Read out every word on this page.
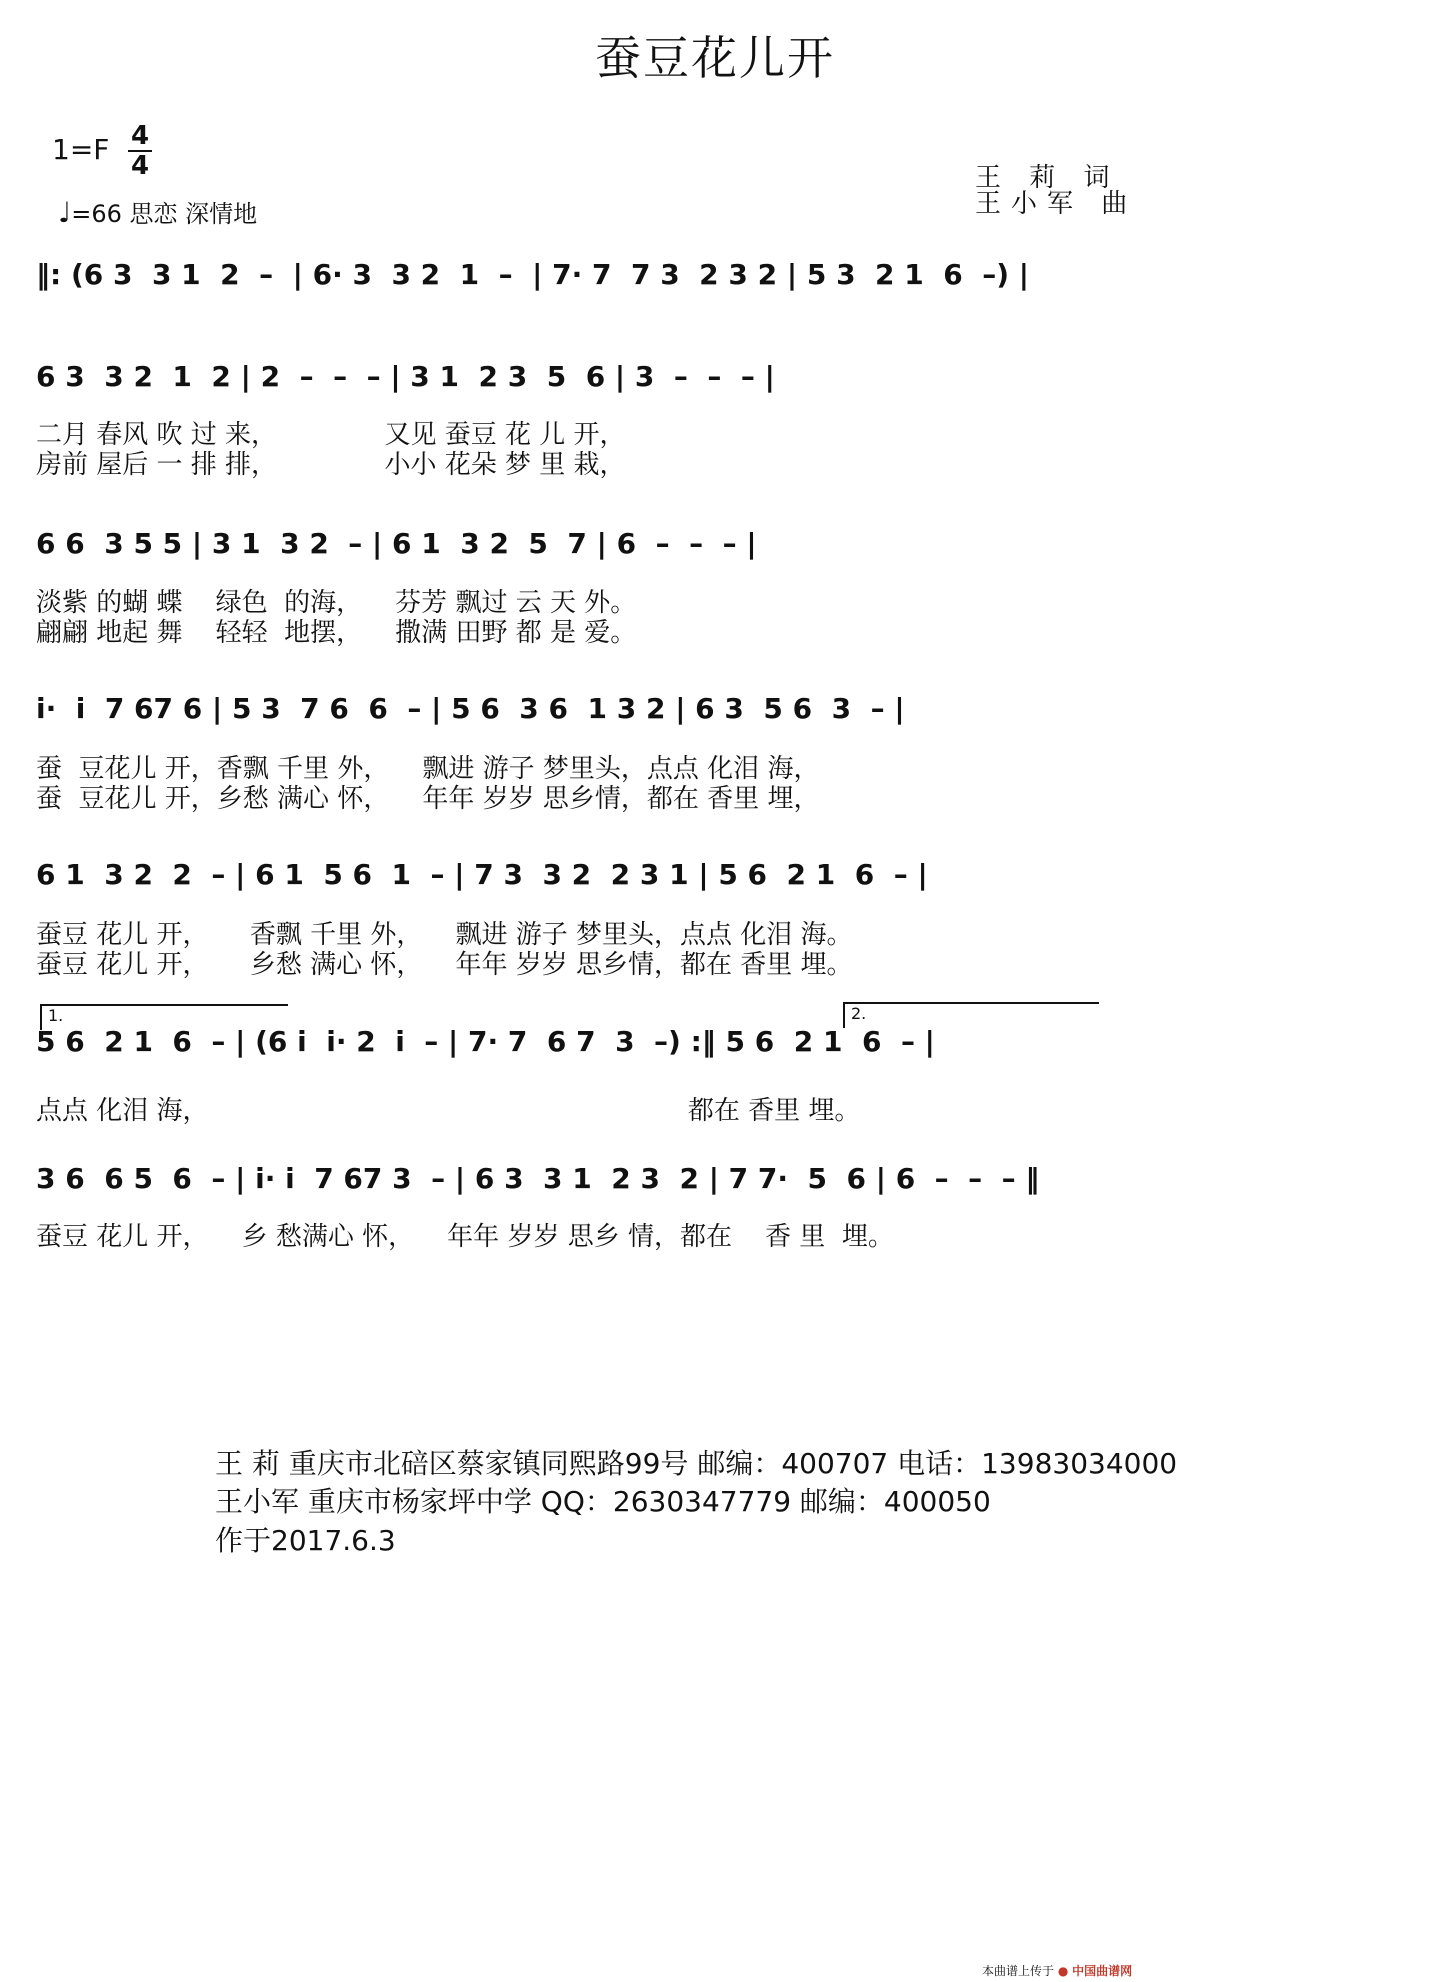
蚕豆花儿开
1=F 4
4
♩=66 思恋 深情地
王 莉 词
王小军 曲
‖: (6 3  3 1  2  –  | 6· 3  3 2  1  –  | 7· 7  7 3  2 3 2 | 5 3  2 1  6  –) |
6 3  3 2  1  2 | 2  –  –  – | 3 1  2 3  5  6 | 3  –  –  – |
二月 春风 吹 过 来，             又见 蚕豆 花 儿 开，
房前 屋后 一 排 排，             小小 花朵 梦 里 栽，
6 6  3 5 5 | 3 1  3 2  – | 6 1  3 2  5  7 | 6  –  –  – |
淡紫 的蝴 蝶    绿色  的海，    芬芳 飘过 云 天 外。
翩翩 地起 舞    轻轻  地摆，    撒满 田野 都 是 爱。
i·  i  7 67 6 | 5 3  7 6  6  – | 5 6  3 6  1 3 2 | 6 3  5 6  3  – |
蚕  豆花儿 开，香飘 千里 外，    飘进 游子 梦里头，点点 化泪 海，
蚕  豆花儿 开，乡愁 满心 怀，    年年 岁岁 思乡情，都在 香里 埋，
6 1  3 2  2  – | 6 1  5 6  1  – | 7 3  3 2  2 3 1 | 5 6  2 1  6  – |
蚕豆 花儿 开，     香飘 千里 外，    飘进 游子 梦里头，点点 化泪 海。
蚕豆 花儿 开，     乡愁 满心 怀，    年年 岁岁 思乡情，都在 香里 埋。
5 6  2 1  6  – | (6 i  i· 2  i  – | 7· 7  6 7  3  –) :‖ 5 6  2 1  6  – |
点点 化泪 海，                                                          都在 香里 埋。
3 6  6 5  6  – | i· i  7 67 3  – | 6 3  3 1  2 3  2 | 7 7·  5  6 | 6  –  –  – ‖
蚕豆 花儿 开，    乡 愁满心 怀，    年年 岁岁 思乡 情，都在    香 里  埋。
1.	2.
王 莉 重庆市北碚区蔡家镇同熙路99号 邮编：400707 电话：13983034000
王小军 重庆市杨家坪中学 QQ：2630347779 邮编：400050
作于2017.6.3
本曲谱上传于 ● 中国曲谱网
